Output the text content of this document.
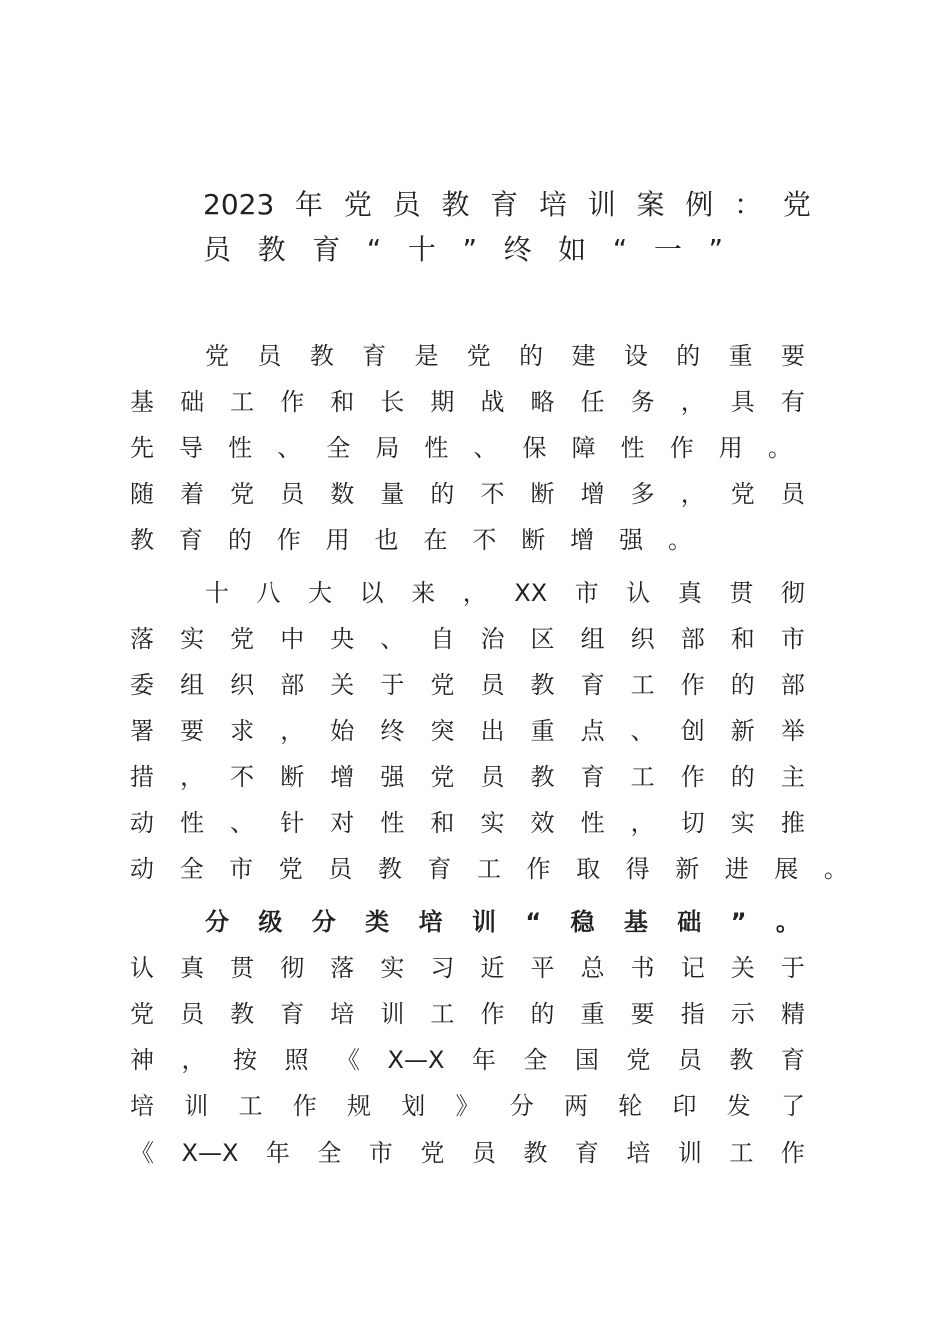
2023 年 党 员 教 育 培 训 案 例 ： 党
员 教 育 “ 十 ” 终 如 “ 一 ”
党 员 教 育 是 党 的 建 设 的 重 要
基 础 工 作 和 长 期 战 略 任 务 ， 具 有
先 导 性 、 全 局 性 、 保 障 性 作 用 。
随 着 党 员 数 量 的 不 断 增 多 ， 党 员
教 育 的 作 用 也 在 不 断 增 强 。
十 八 大 以 来 ， XX 市 认 真 贯 彻
落 实 党 中 央 、 自 治 区 组 织 部 和 市
委 组 织 部 关 于 党 员 教 育 工 作 的 部
署 要 求 ， 始 终 突 出 重 点 、 创 新 举
措 ， 不 断 增 强 党 员 教 育 工 作 的 主
动 性 、 针 对 性 和 实 效 性 ， 切 实 推
动 全 市 党 员 教 育 工 作 取 得 新 进 展 。
分 级 分 类 培 训 “ 稳 基 础 ” 。
认 真 贯 彻 落 实 习 近 平 总 书 记 关 于
党 员 教 育 培 训 工 作 的 重 要 指 示 精
神 ， 按 照 《 X—X 年 全 国 党 员 教 育
培 训 工 作 规 划 》 分 两 轮 印 发 了
《 X—X 年 全 市 党 员 教 育 培 训 工 作
